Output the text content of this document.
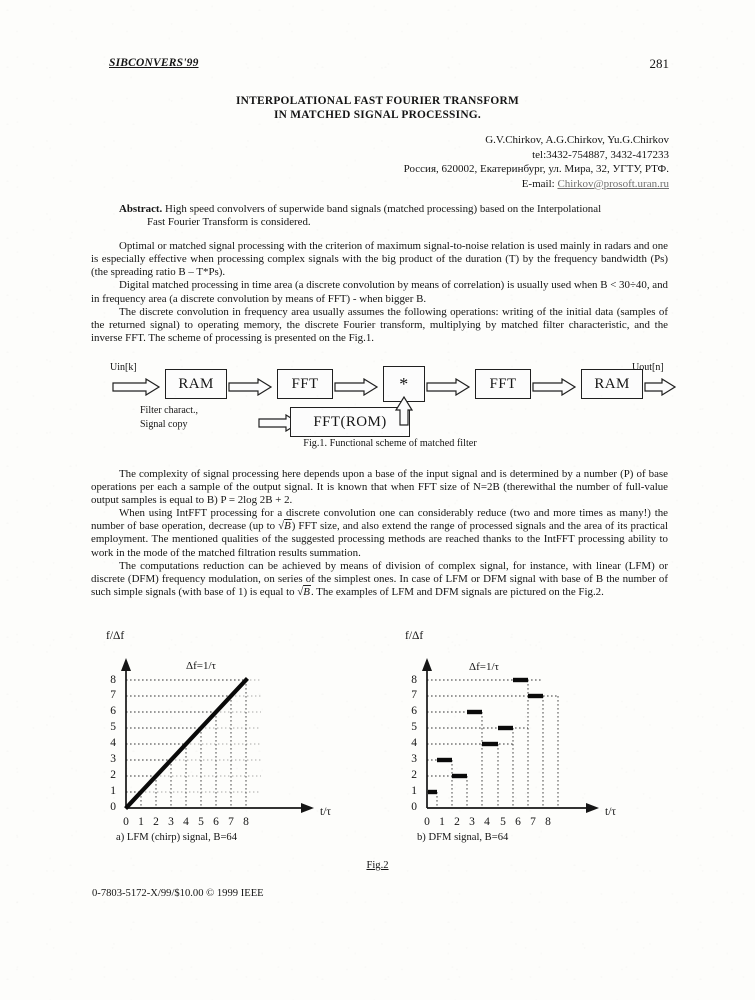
SIBCONVERS'99	281
INTERPOLATIONAL FAST FOURIER TRANSFORM
IN MATCHED SIGNAL PROCESSING.
G.V.Chirkov, A.G.Chirkov, Yu.G.Chirkov
tel:3432-754887, 3432-417233
Россия, 620002, Екатеринбург, ул. Мира, 32, УГТУ, РТФ.
E-mail: Chirkov@prosoft.uran.ru

Abstract. High speed convolvers of superwide band signals (matched processing) based on the Interpolational
Fast Fourier Transform is considered.

Optimal or matched signal processing with the criterion of maximum signal-to-noise relation is used mainly in radars and one is especially effective when processing complex signals with the big product of the duration (T) by the frequency bandwidth (Ps) (the spreading ratio B – T*Ps).

Digital matched processing in time area (a discrete convolution by means of correlation) is usually used when B < 30÷40, and in frequency area (a discrete convolution by means of FFT) - when bigger B.

The discrete convolution in frequency area usually assumes the following operations: writing of the initial data (samples of the returned signal) to operating memory, the discrete Fourier transform, multiplying by matched filter characteristic, and the inverse FFT. The scheme of processing is presented on the Fig.1.

Uin[k]
RAM	FFT	*	FFT	RAM
Uout[n]
Filter charact.,
Signal copy	FFT(ROM)
Fig.1. Functional scheme of matched filter

The complexity of signal processing here depends upon a base of the input signal and is determined by a number (P) of base operations per each a sample of the output signal. It is known that when FFT size of N=2B (therewithal the number of full-value output samples is equal to B) P = 2log 2B + 2.

When using IntFFT processing for a discrete convolution one can considerably reduce (two and more times as many!) the number of base operation, decrease (up to √B) FFT size, and also extend the range of processed signals and the area of its practical employment. The mentioned qualities of the suggested processing methods are reached thanks to the IntFFT processing ability to work in the mode of the matched filtration results summation.

The computations reduction can be achieved by means of division of complex signal, for instance, with linear (LFM) or discrete (DFM) frequency modulation, on series of the simplest ones. In case of LFM or DFM signal with base of B the number of such simple signals (with base of 1) is equal to √B. The examples of LFM and DFM signals are pictured on the Fig.2.

f/Δf
Δf=1/τ
t/τ
8
7
6
5
4
3
2
1
0
0 1 2 3 4 5 6 7 8
a) LFM (chirp) signal, B=64
f/Δf
Δf=1/τ
t/τ
8
7
6
5
4
3
2
1
0
0 1 2 3 4 5 6 7 8
b) DFM signal, B=64
Fig.2
0-7803-5172-X/99/$10.00 © 1999 IEEE
